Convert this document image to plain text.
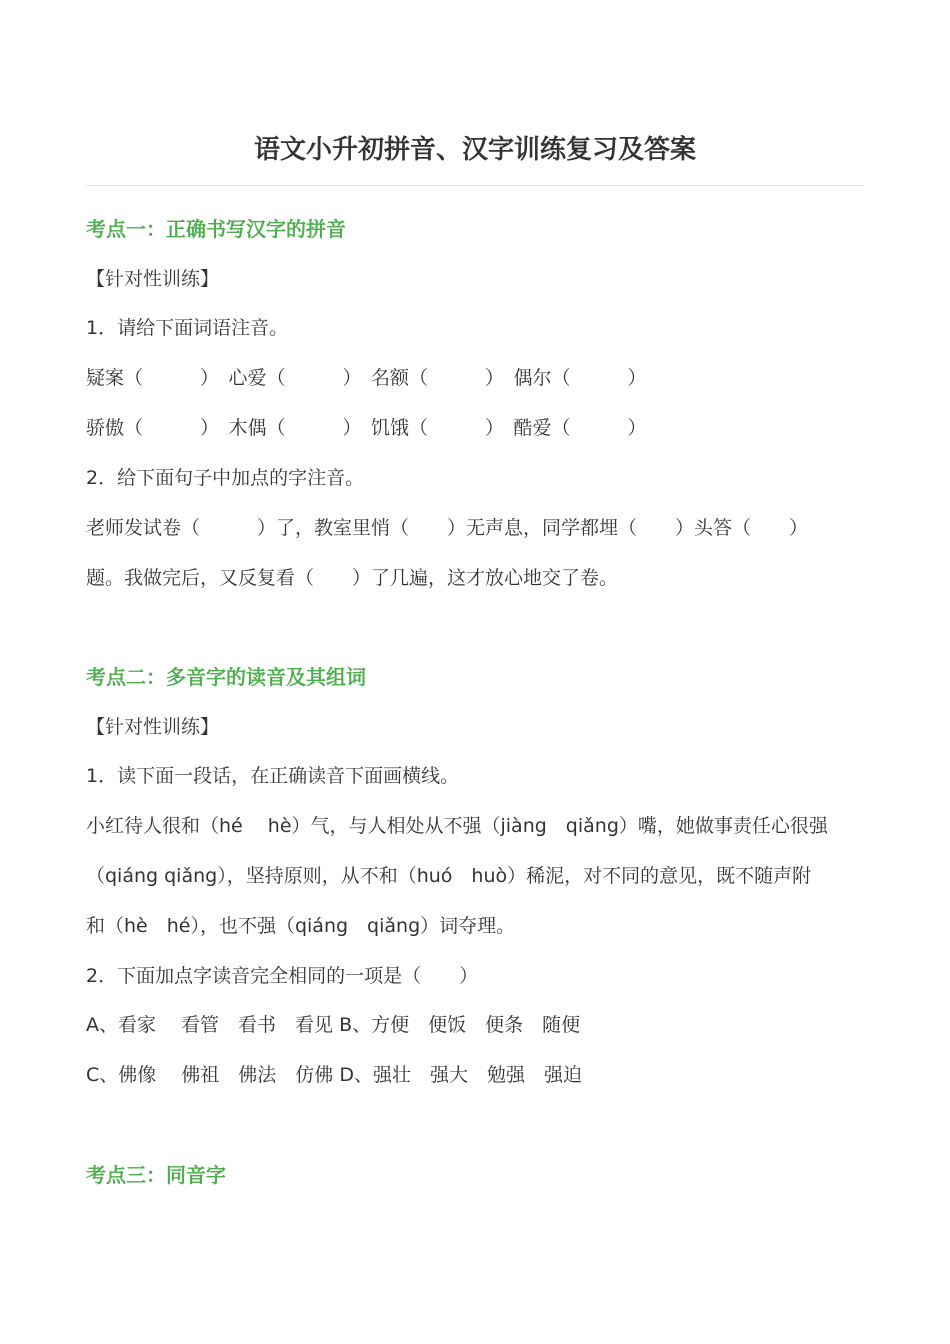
语文小升初拼音、汉字训练复习及答案
考点一：正确书写汉字的拼音
【针对性训练】
1．请给下面词语注音。
疑案（　　　）　心爱（　　　）　名额（　　　）　偶尔（　　　）
骄傲（　　　）　木偶（　　　）　饥饿（　　　）　酷爱（　　　）
2．给下面句子中加点的字注音。
老师发试卷（　　　）了，教室里悄（　　）无声息，同学都埋（　　）头答（　　）
题。我做完后，又反复看（　　）了几遍，这才放心地交了卷。
考点二：多音字的读音及其组词
【针对性训练】
1．读下面一段话，在正确读音下面画横线。
小红待人很和（hé　 hè）气，与人相处从不强（jiàng　qiǎng）嘴，她做事责任心很强
（qiáng qiǎng），坚持原则，从不和（huó　huò）稀泥，对不同的意见，既不随声附
和（hè　hé），也不强（qiáng　qiǎng）词夺理。
2．下面加点字读音完全相同的一项是（　　）
A、看家　 看管　看书　看见 B、方便　便饭　便条　随便
C、佛像　 佛祖　佛法　仿佛 D、强壮　强大　勉强　强迫
考点三：同音字
